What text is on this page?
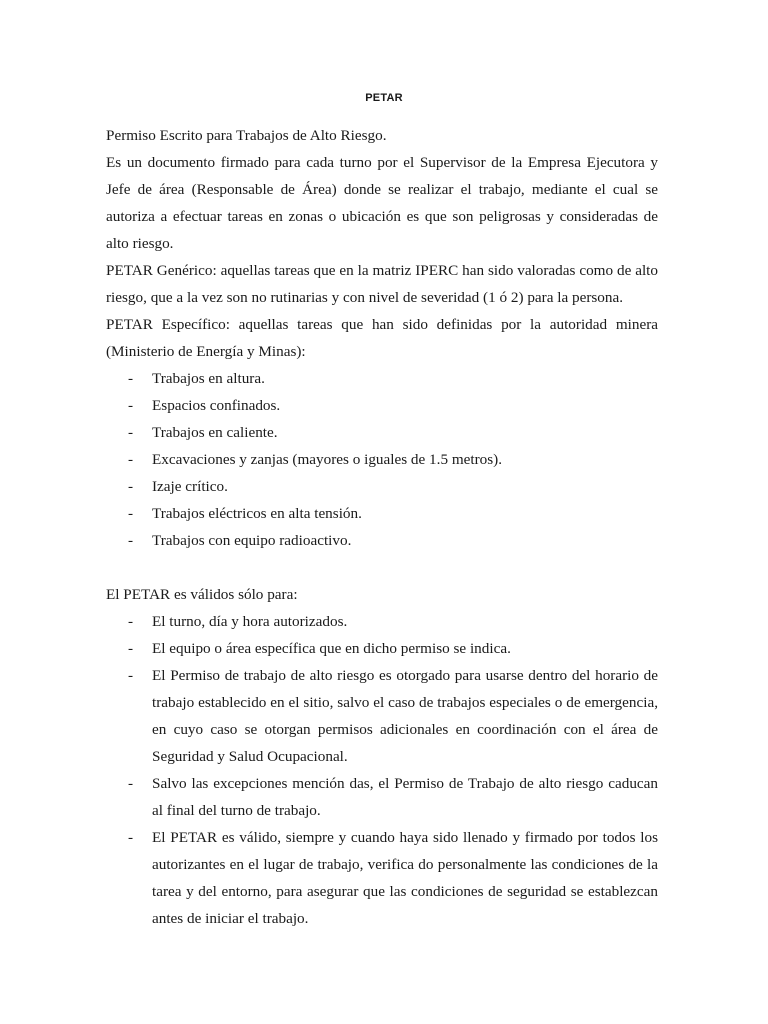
PETAR

Permiso Escrito para Trabajos de Alto Riesgo.

Es un documento firmado para cada turno por el Supervisor de la Empresa Ejecutora y Jefe de área (Responsable de Área) donde se realizar el trabajo, mediante el cual se autoriza a efectuar tareas en zonas o ubicación es que son peligrosas y consideradas de alto riesgo.

PETAR Genérico: aquellas tareas que en la matriz IPERC han sido valoradas como de alto riesgo, que a la vez son no rutinarias y con nivel de severidad (1 ó 2) para la persona.

PETAR Específico: aquellas tareas que han sido definidas por la autoridad minera (Ministerio de Energía y Minas):

- Trabajos en altura.
- Espacios confinados.
- Trabajos en caliente.
- Excavaciones y zanjas (mayores o iguales de 1.5 metros).
- Izaje crítico.
- Trabajos eléctricos en alta tensión.
- Trabajos con equipo radioactivo.

El PETAR es válidos sólo para:

- El turno, día y hora autorizados.
- El equipo o área específica que en dicho permiso se indica.
- El Permiso de trabajo de alto riesgo es otorgado para usarse dentro del horario de trabajo establecido en el sitio, salvo el caso de trabajos especiales o de emergencia, en cuyo caso se otorgan permisos adicionales en coordinación con el área de Seguridad y Salud Ocupacional.
- Salvo las excepciones mención das, el Permiso de Trabajo de alto riesgo caducan al final del turno de trabajo.
- El PETAR es válido, siempre y cuando haya sido llenado y firmado por todos los autorizantes en el lugar de trabajo, verifica do personalmente las condiciones de la tarea y del entorno, para asegurar que las condiciones de seguridad se establezcan antes de iniciar el trabajo.
